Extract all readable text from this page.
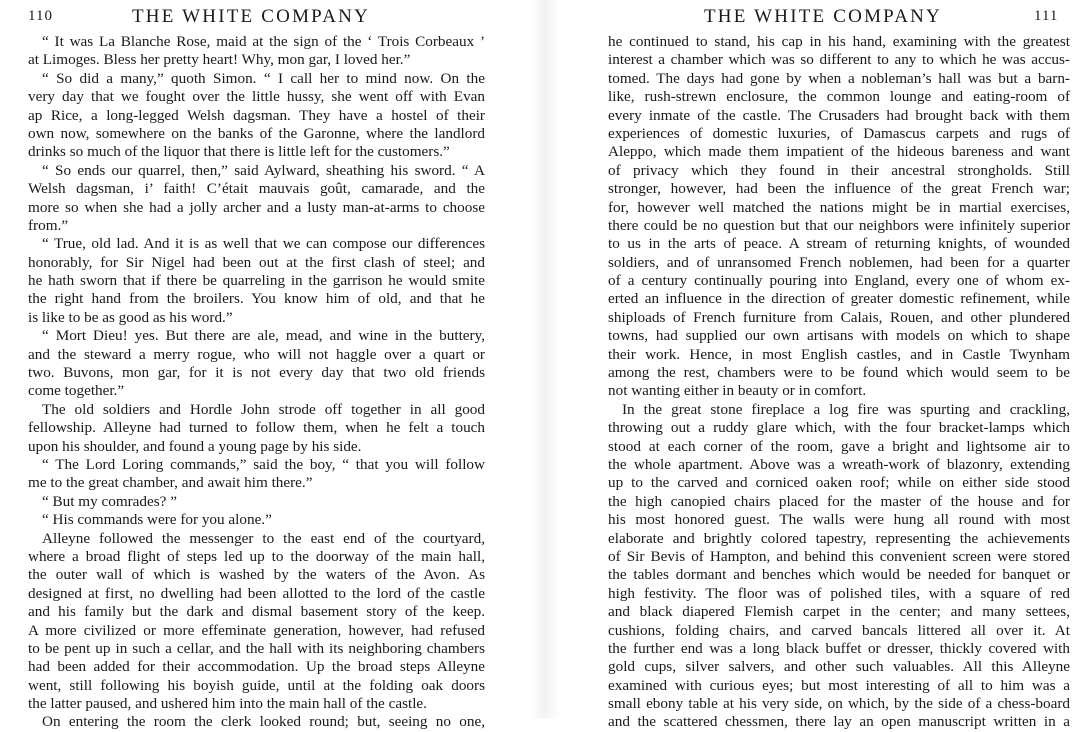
110	THE WHITE COMPANY
“ It was La Blanche Rose, maid at the sign of the ‘ Trois Corbeaux ’
at Limoges. Bless her pretty heart! Why, mon gar, I loved her.”
“ So did a many,” quoth Simon. “ I call her to mind now. On the
very day that we fought over the little hussy, she went off with Evan
ap Rice, a long-legged Welsh dagsman. They have a hostel of their
own now, somewhere on the banks of the Garonne, where the landlord
drinks so much of the liquor that there is little left for the customers.”
“ So ends our quarrel, then,” said Aylward, sheathing his sword. “ A
Welsh dagsman, i’ faith! C’était mauvais goût, camarade, and the
more so when she had a jolly archer and a lusty man-at-arms to choose
from.”
“ True, old lad. And it is as well that we can compose our differences
honorably, for Sir Nigel had been out at the first clash of steel; and
he hath sworn that if there be quarreling in the garrison he would smite
the right hand from the broilers. You know him of old, and that he
is like to be as good as his word.”
“ Mort Dieu! yes. But there are ale, mead, and wine in the buttery,
and the steward a merry rogue, who will not haggle over a quart or
two. Buvons, mon gar, for it is not every day that two old friends
come together.”
The old soldiers and Hordle John strode off together in all good
fellowship. Alleyne had turned to follow them, when he felt a touch
upon his shoulder, and found a young page by his side.
“ The Lord Loring commands,” said the boy, “ that you will follow
me to the great chamber, and await him there.”
“ But my comrades? ”
“ His commands were for you alone.”
Alleyne followed the messenger to the east end of the courtyard,
where a broad flight of steps led up to the doorway of the main hall,
the outer wall of which is washed by the waters of the Avon. As
designed at first, no dwelling had been allotted to the lord of the castle
and his family but the dark and dismal basement story of the keep.
A more civilized or more effeminate generation, however, had refused
to be pent up in such a cellar, and the hall with its neighboring chambers
had been added for their accommodation. Up the broad steps Alleyne
went, still following his boyish guide, until at the folding oak doors
the latter paused, and ushered him into the main hall of the castle.
On entering the room the clerk looked round; but, seeing no one,
THE WHITE COMPANY	111
he continued to stand, his cap in his hand, examining with the greatest
interest a chamber which was so different to any to which he was accus-
tomed. The days had gone by when a nobleman’s hall was but a barn-
like, rush-strewn enclosure, the common lounge and eating-room of
every inmate of the castle. The Crusaders had brought back with them
experiences of domestic luxuries, of Damascus carpets and rugs of
Aleppo, which made them impatient of the hideous bareness and want
of privacy which they found in their ancestral strongholds. Still
stronger, however, had been the influence of the great French war;
for, however well matched the nations might be in martial exercises,
there could be no question but that our neighbors were infinitely superior
to us in the arts of peace. A stream of returning knights, of wounded
soldiers, and of unransomed French noblemen, had been for a quarter
of a century continually pouring into England, every one of whom ex-
erted an influence in the direction of greater domestic refinement, while
shiploads of French furniture from Calais, Rouen, and other plundered
towns, had supplied our own artisans with models on which to shape
their work. Hence, in most English castles, and in Castle Twynham
among the rest, chambers were to be found which would seem to be
not wanting either in beauty or in comfort.
In the great stone fireplace a log fire was spurting and crackling,
throwing out a ruddy glare which, with the four bracket-lamps which
stood at each corner of the room, gave a bright and lightsome air to
the whole apartment. Above was a wreath-work of blazonry, extending
up to the carved and corniced oaken roof; while on either side stood
the high canopied chairs placed for the master of the house and for
his most honored guest. The walls were hung all round with most
elaborate and brightly colored tapestry, representing the achievements
of Sir Bevis of Hampton, and behind this convenient screen were stored
the tables dormant and benches which would be needed for banquet or
high festivity. The floor was of polished tiles, with a square of red
and black diapered Flemish carpet in the center; and many settees,
cushions, folding chairs, and carved bancals littered all over it. At
the further end was a long black buffet or dresser, thickly covered with
gold cups, silver salvers, and other such valuables. All this Alleyne
examined with curious eyes; but most interesting of all to him was a
small ebony table at his very side, on which, by the side of a chess-board
and the scattered chessmen, there lay an open manuscript written in a
